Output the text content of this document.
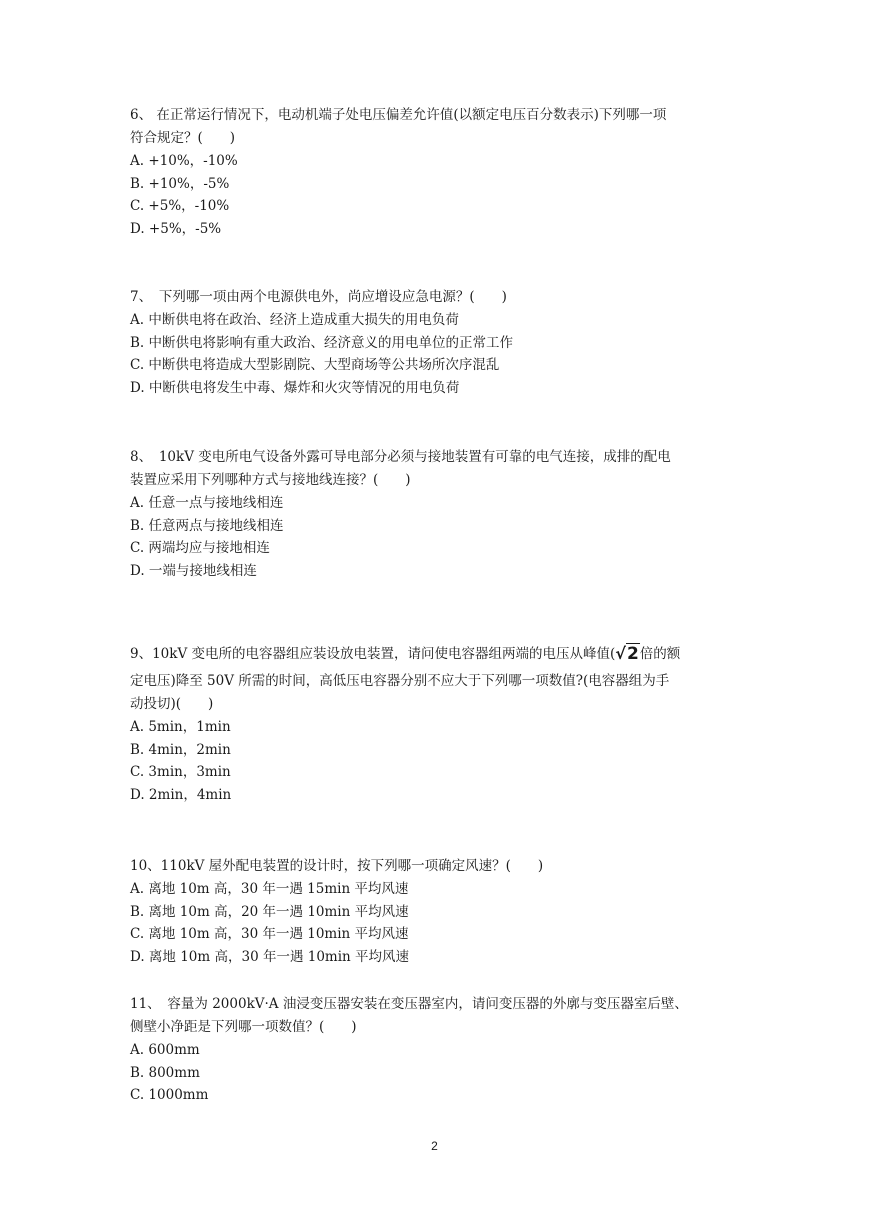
6、 在正常运行情况下，电动机端子处电压偏差允许值(以额定电压百分数表示)下列哪一项
符合规定？(　　)
A. +10%，-10%
B. +10%，-5%
C. +5%，-10%
D. +5%，-5%
7、　下列哪一项由两个电源供电外，尚应增设应急电源？(　　)
A. 中断供电将在政治、经济上造成重大损失的用电负荷
B. 中断供电将影响有重大政治、经济意义的用电单位的正常工作
C. 中断供电将造成大型影剧院、大型商场等公共场所次序混乱
D. 中断供电将发生中毒、爆炸和火灾等情况的用电负荷
8、　10kV 变电所电气设备外露可导电部分必须与接地装置有可靠的电气连接，成排的配电
装置应采用下列哪种方式与接地线连接？(　　)
A. 任意一点与接地线相连
B. 任意两点与接地线相连
C. 两端均应与接地相连
D. 一端与接地线相连
9、10kV 变电所的电容器组应装设放电装置，请问使电容器组两端的电压从峰值(√2倍的额
定电压)降至 50V 所需的时间，高低压电容器分别不应大于下列哪一项数值?(电容器组为手
动投切)(　　)
A. 5min，1min
B. 4min，2min
C. 3min，3min
D. 2min，4min
10、110kV 屋外配电装置的设计时，按下列哪一项确定风速？(　　)
A. 离地 10m 高，30 年一遇 15min 平均风速
B. 离地 10m 高，20 年一遇 10min 平均风速
C. 离地 10m 高，30 年一遇 10min 平均风速
D. 离地 10m 高，30 年一遇 10min 平均风速
11、　容量为 2000kV·A 油浸变压器安装在变压器室内，请问变压器的外廓与变压器室后壁、
侧壁小净距是下列哪一项数值？(　　)
A. 600mm
B. 800mm
C. 1000mm
2
